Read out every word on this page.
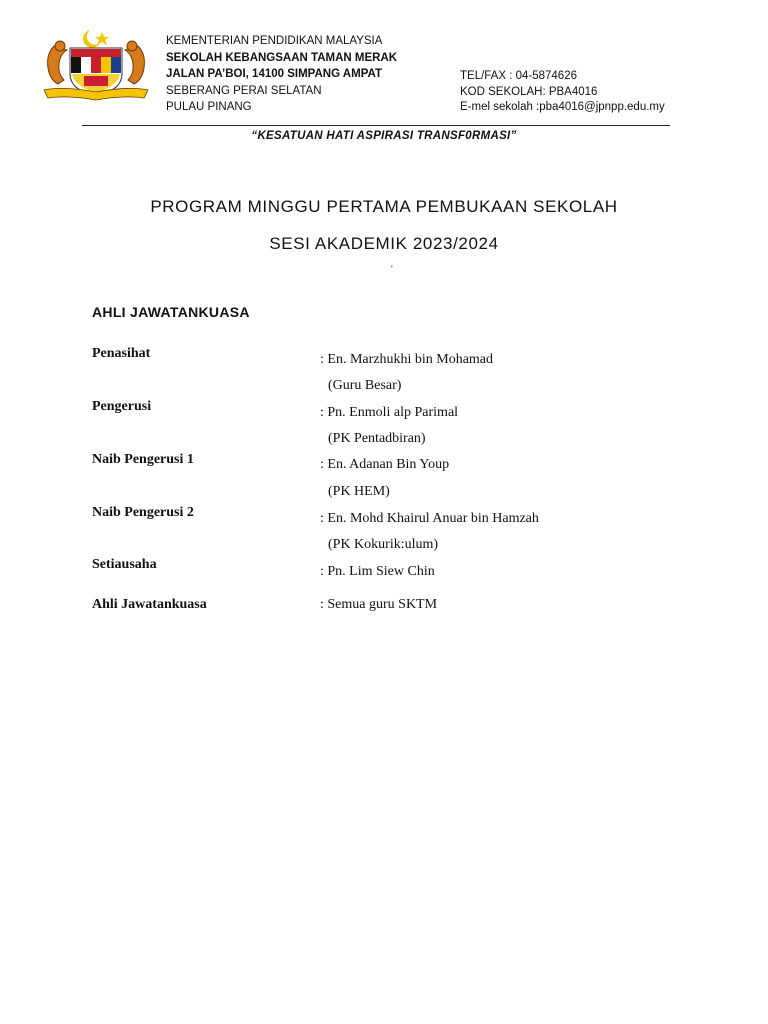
KEMENTERIAN PENDIDIKAN MALAYSIA
SEKOLAH KEBANGSAAN TAMAN MERAK
JALAN PA’BOI, 14100 SIMPANG AMPAT
SEBERANG PERAI SELATAN
PULAU PINANG
TEL/FAX : 04-5874626
KOD SEKOLAH: PBA4016
E-mel sekolah :pba4016@jpnpp.edu.my
“KESATUAN HATI ASPIRASI TRANSF0RMASI”
PROGRAM MINGGU PERTAMA PEMBUKAAN SEKOLAH
SESI AKADEMIK 2023/2024
'
AHLI JAWATANKUASA
Penasihat	: En. Marzhukhi bin Mohamad
(Guru Besar)
Pengerusi	: Pn. Enmoli alp Parimal
(PK Pentadbiran)
Naib Pengerusi 1	: En. Adanan Bin Youp
(PK HEM)
Naib Pengerusi 2	: En. Mohd Khairul Anuar bin Hamzah
(PK Kokurik:ulum)
Setiausaha	: Pn. Lim Siew Chin
Ahli Jawatankuasa	: Semua guru SKTM
